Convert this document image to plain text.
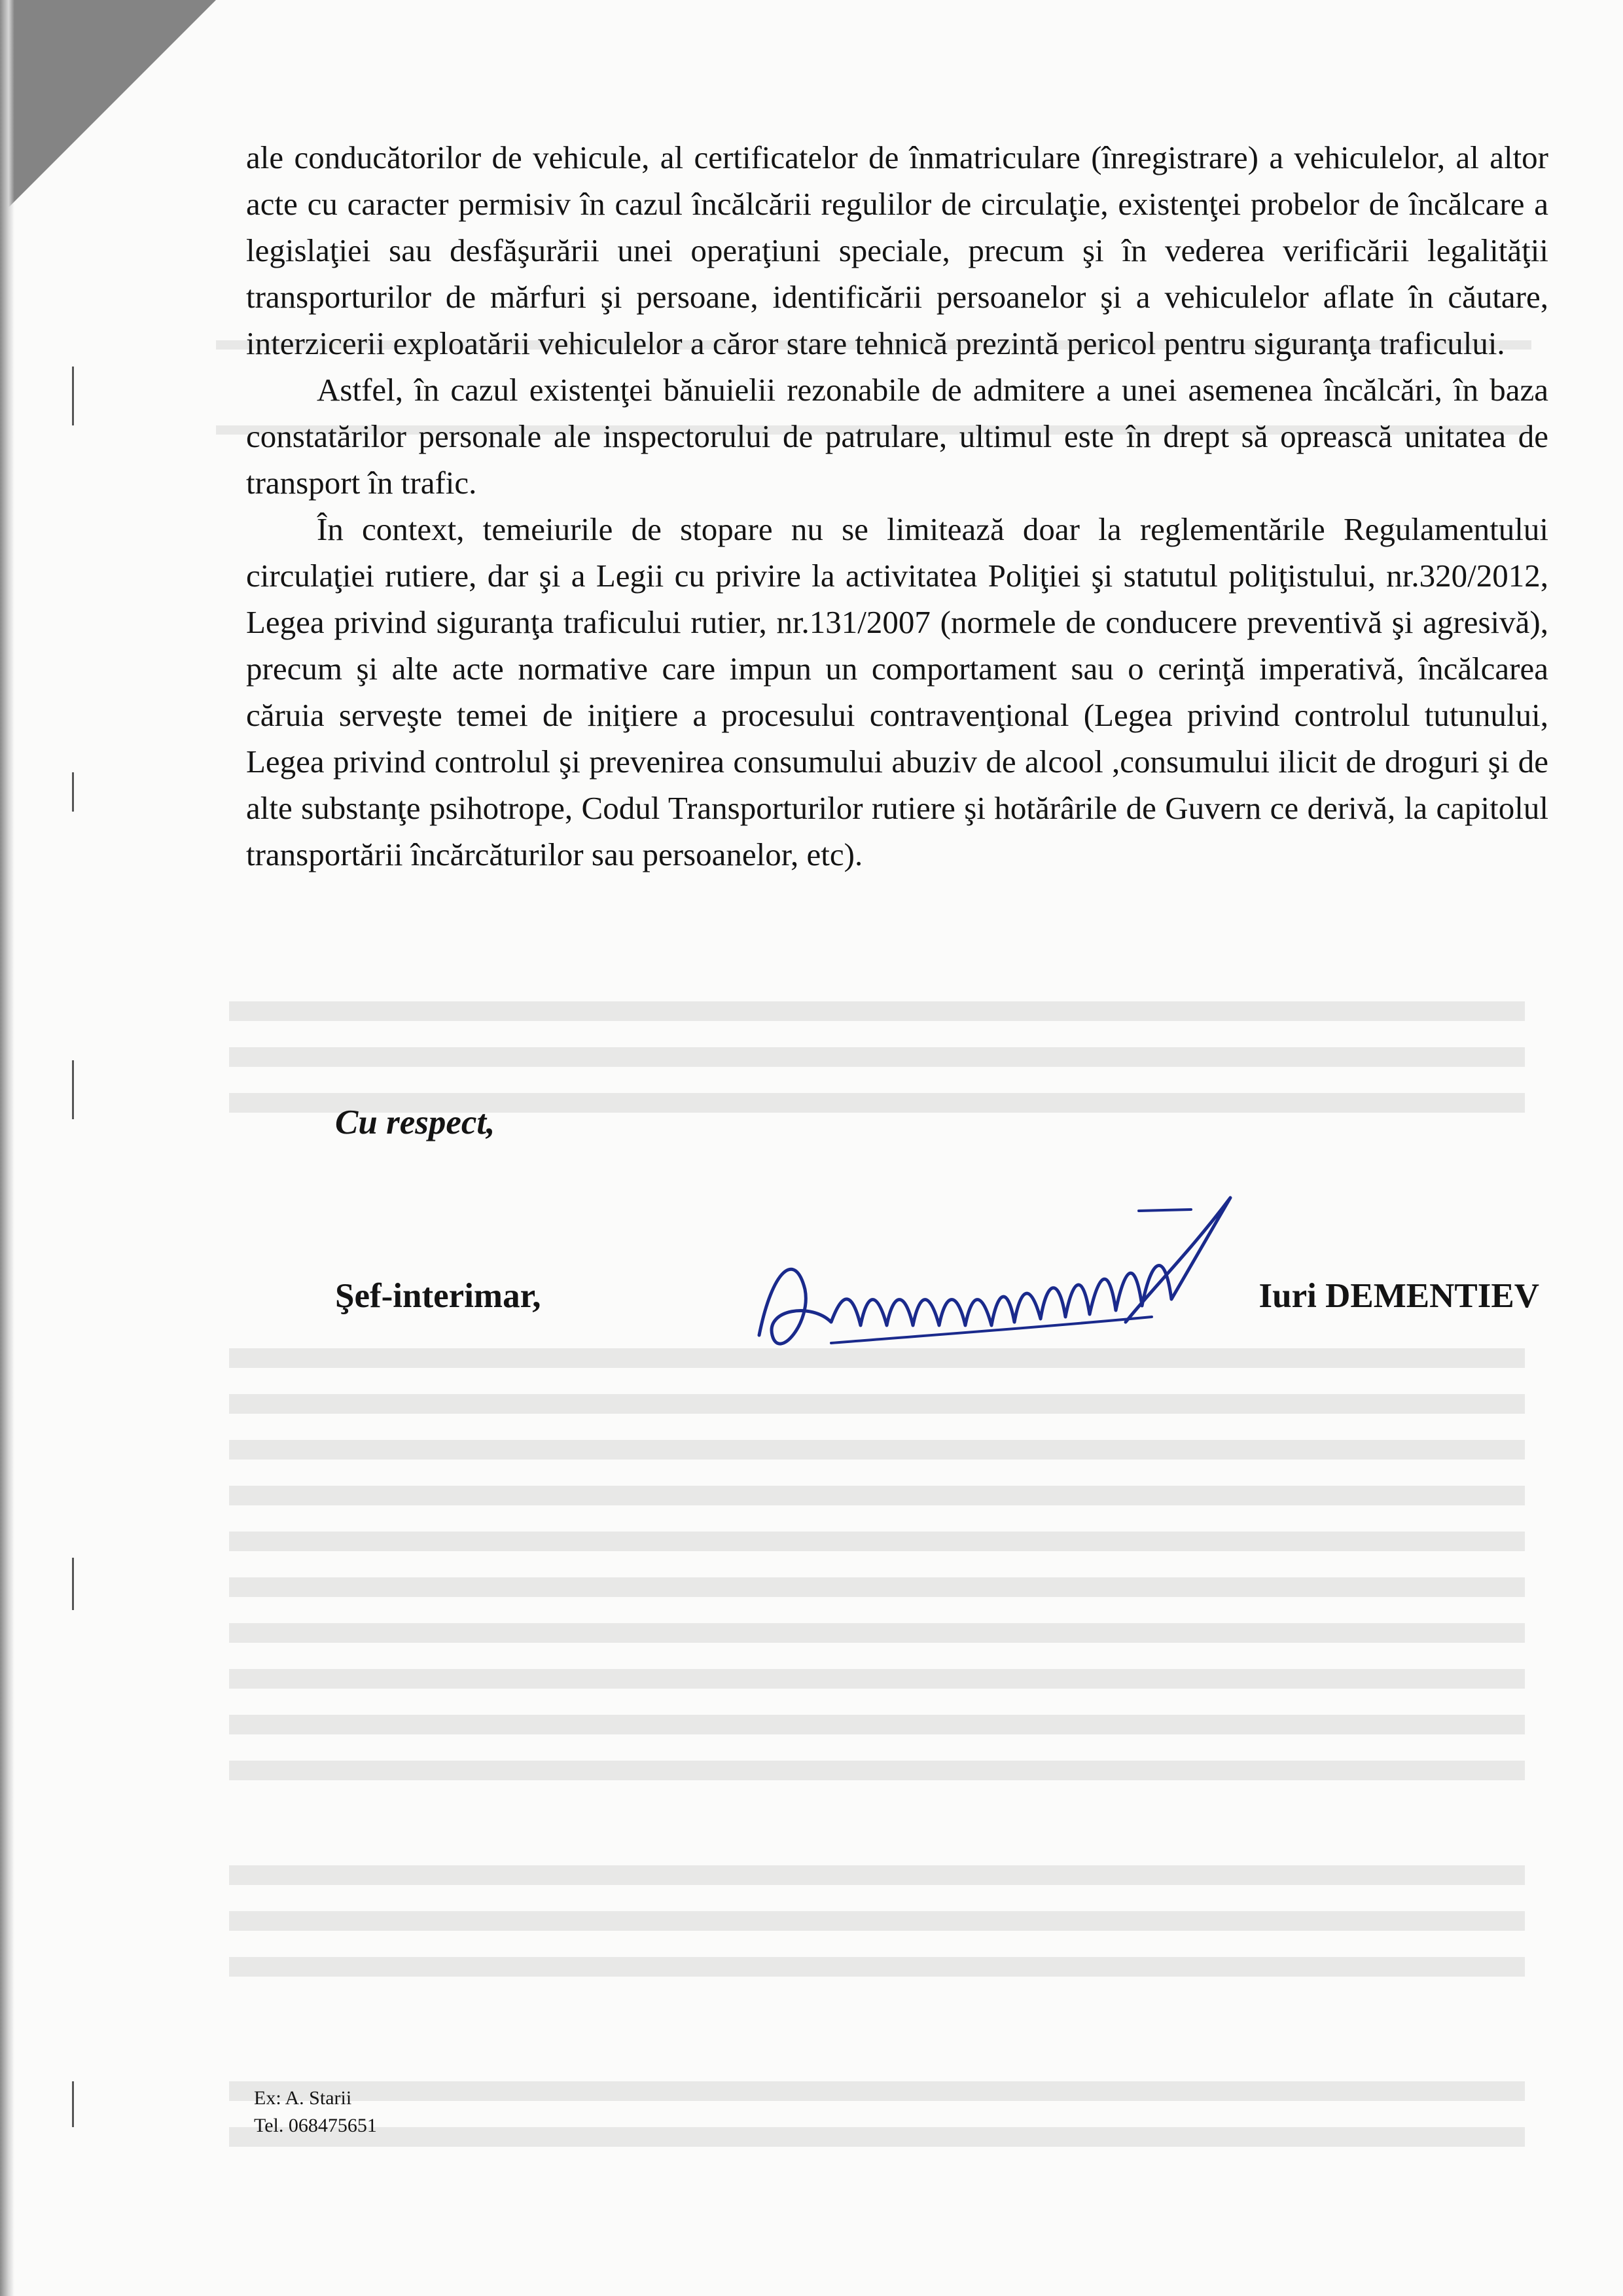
ale conducătorilor de vehicule, al certificatelor de înmatriculare (înregistrare) a vehiculelor, al altor acte cu caracter permisiv în cazul încălcării regulilor de circulaţie, existenţei probelor de încălcare a legislaţiei sau desfăşurării unei operaţiuni speciale, precum şi în vederea verificării legalităţii transporturilor de mărfuri şi persoane, identificării persoanelor şi a vehiculelor aflate în căutare, interzicerii exploatării vehiculelor a căror stare tehnică prezintă pericol pentru siguranţa traficului.

Astfel, în cazul existenţei bănuielii rezonabile de admitere a unei asemenea încălcări, în baza constatărilor personale ale inspectorului de patrulare, ultimul este în drept să oprească unitatea de transport în trafic.

În context, temeiurile de stopare nu se limitează doar la reglementările Regulamentului circulaţiei rutiere, dar şi a Legii cu privire la activitatea Poliţiei şi statutul poliţistului, nr.320/2012, Legea privind siguranţa traficului rutier, nr.131/2007 (normele de conducere preventivă şi agresivă), precum şi alte acte normative care impun un comportament sau o cerinţă imperativă, încălcarea căruia serveşte temei de iniţiere a procesului contravenţional (Legea privind controlul tutunului, Legea privind controlul şi prevenirea consumului abuziv de alcool ,consumului ilicit de droguri şi de alte substanţe psihotrope, Codul Transporturilor rutiere şi hotărârile de Guvern ce derivă, la capitolul transportării încărcăturilor sau persoanelor, etc).

Cu respect,
Şef-interimar,	Iuri DEMENTIEV
Ex: A. Starii
Tel. 068475651
